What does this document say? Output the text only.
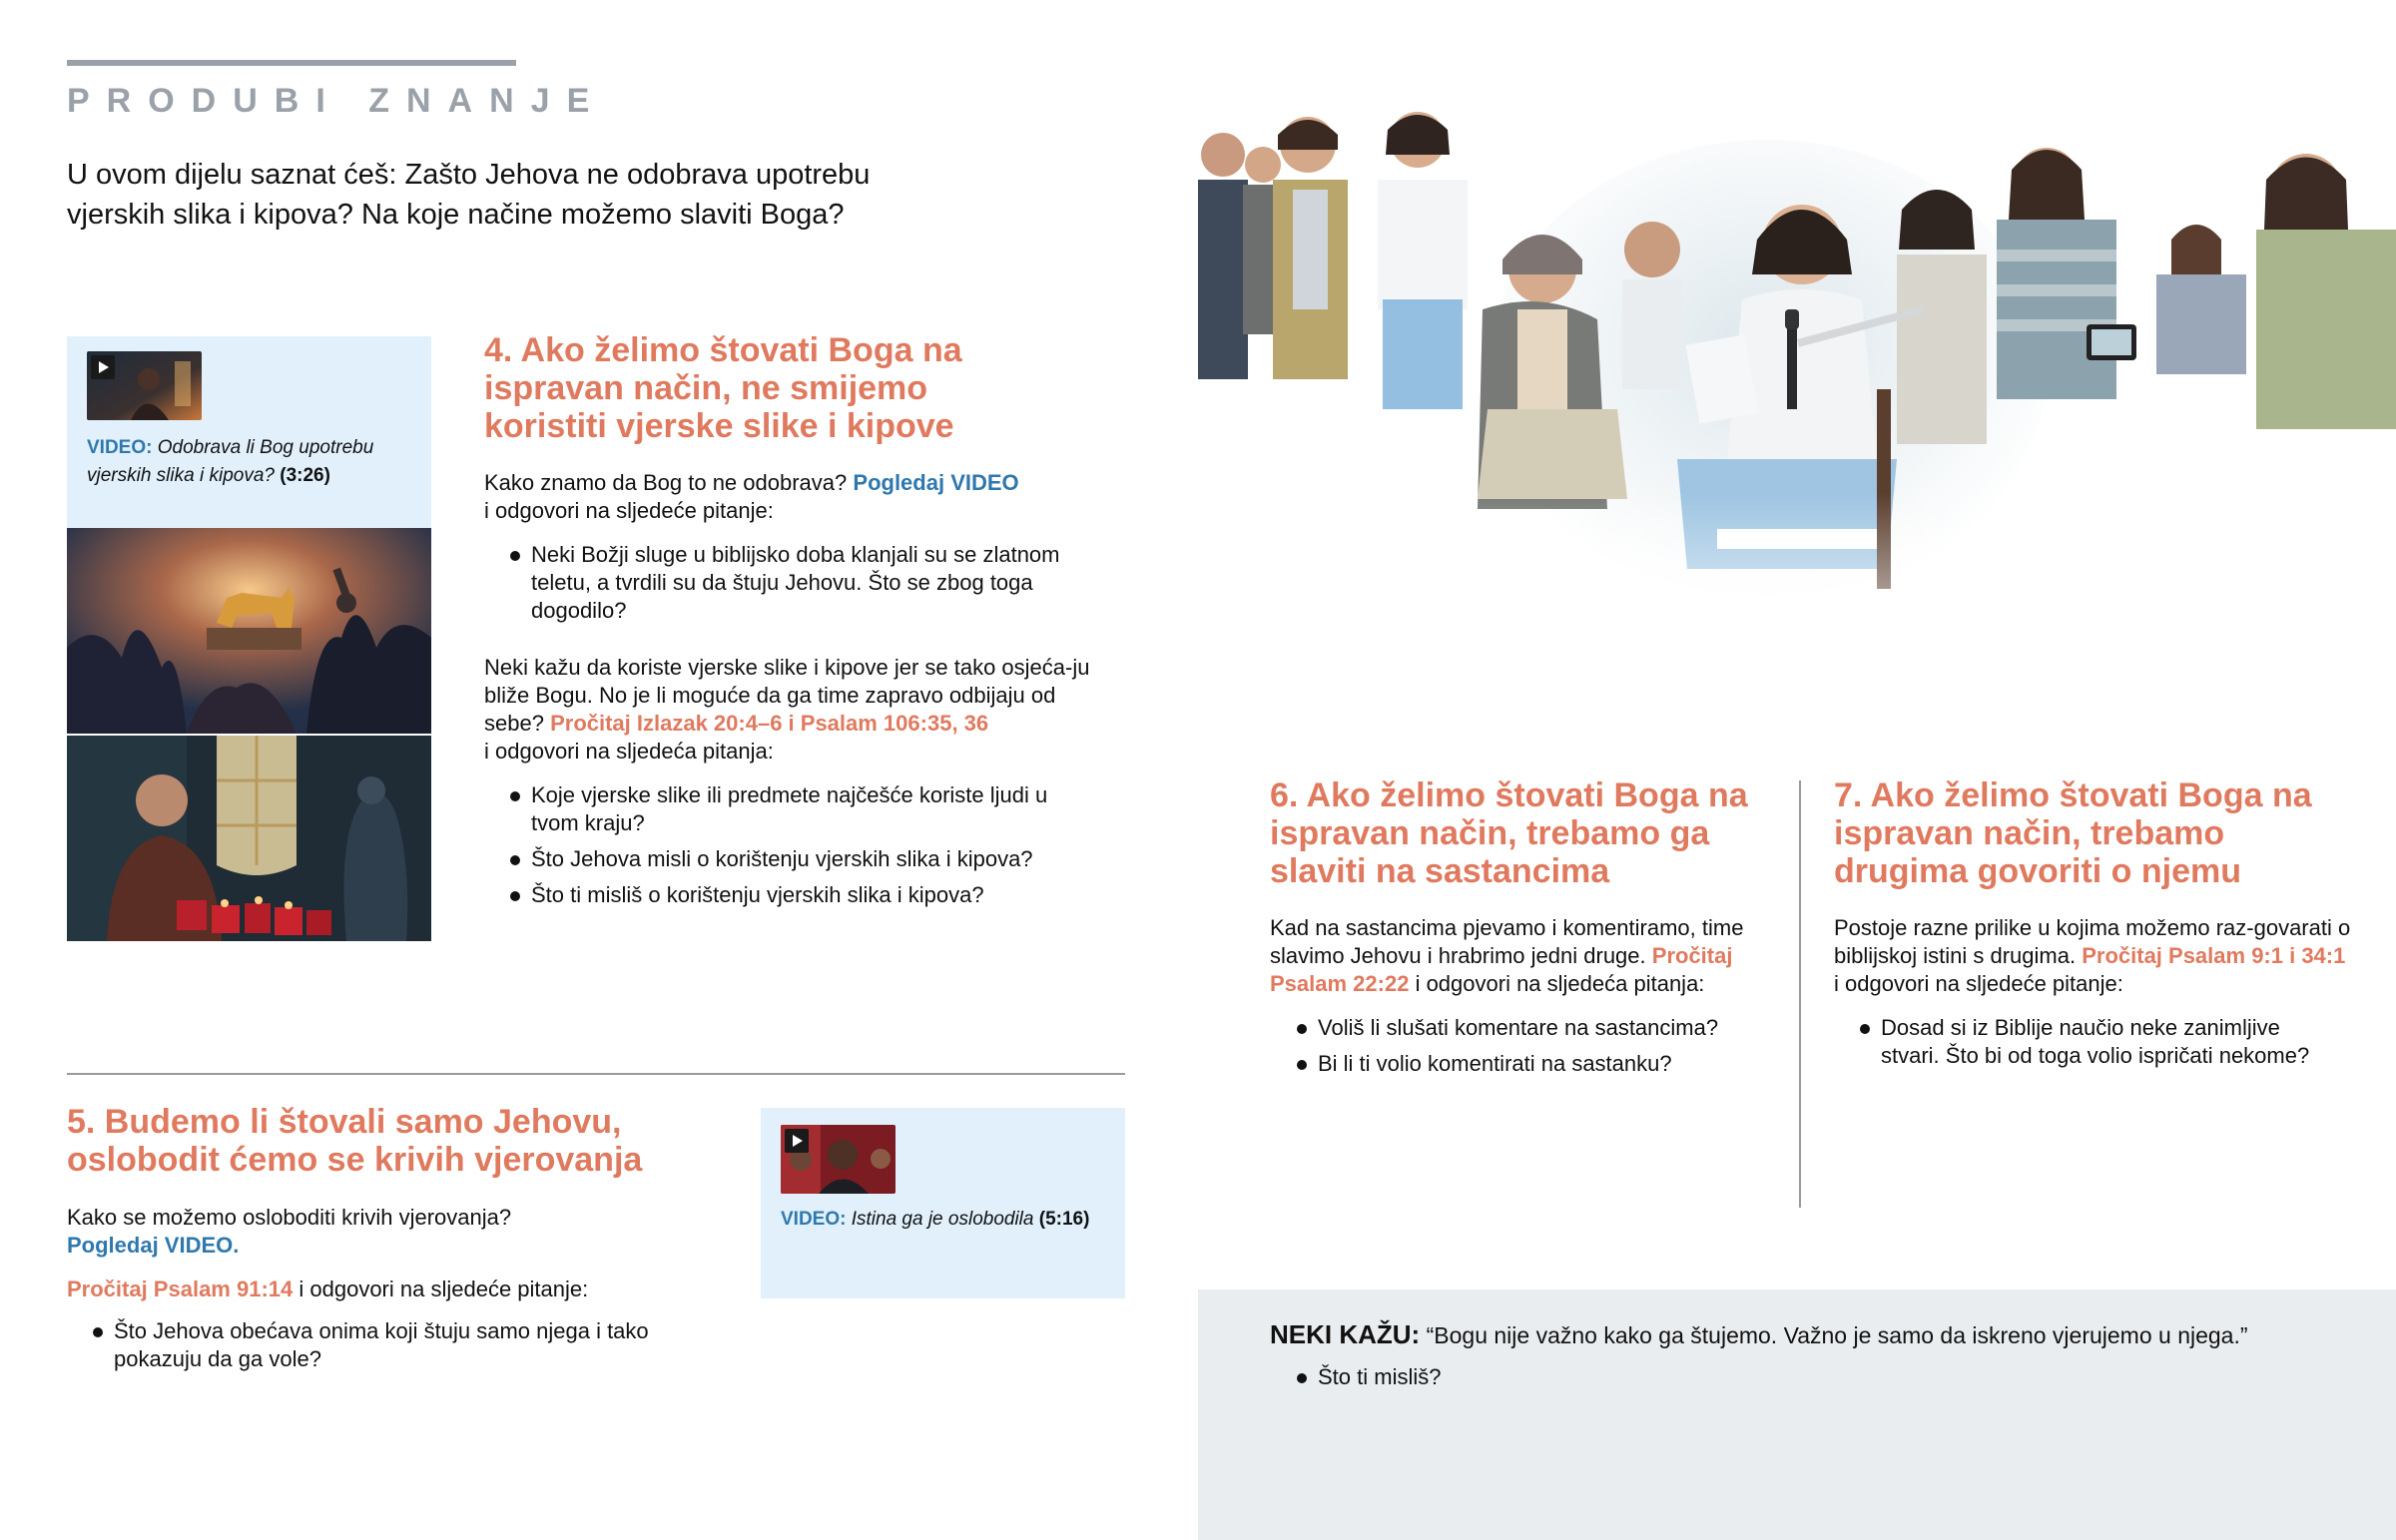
PRODUBI ZNANJE
U ovom dijelu saznat ćeš: Zašto Jehova ne odobrava upotrebu vjerskih slika i kipova? Na koje načine možemo slaviti Boga?
VIDEO: Odobrava li Bog upotrebu vjerskih slika i kipova? (3:26)
4. Ako želimo štovati Boga na ispravan način, ne smijemo koristiti vjerske slike i kipove
Kako znamo da Bog to ne odobrava? Pogledaj VIDEO
i odgovori na sljedeće pitanje:
Neki Božji sluge u biblijsko doba klanjali su se zlatnom teletu, a tvrdili su da štuju Jehovu. Što se zbog toga dogodilo?
Neki kažu da koriste vjerske slike i kipove jer se tako osjeća-ju bliže Bogu. No je li moguće da ga time zapravo odbijaju od sebe? Pročitaj Izlazak 20:4–6 i Psalam 106:35, 36
i odgovori na sljedeća pitanja:
Koje vjerske slike ili predmete najčešće koriste ljudi u tvom kraju?
Što Jehova misli o korištenju vjerskih slika i kipova?
Što ti misliš o korištenju vjerskih slika i kipova?
5. Budemo li štovali samo Jehovu, oslobodit ćemo se krivih vjerovanja
Kako se možemo osloboditi krivih vjerovanja?
Pogledaj VIDEO.
Pročitaj Psalam 91:14 i odgovori na sljedeće pitanje:
Što Jehova obećava onima koji štuju samo njega i tako pokazuju da ga vole?
VIDEO: Istina ga je oslobodila (5:16)
6. Ako želimo štovati Boga na ispravan način, trebamo ga slaviti na sastancima
Kad na sastancima pjevamo i komentiramo, time slavimo Jehovu i hrabrimo jedni druge. Pročitaj Psalam 22:22 i odgovori na sljedeća pitanja:
Voliš li slušati komentare na sastancima?
Bi li ti volio komentirati na sastanku?
7. Ako želimo štovati Boga na ispravan način, trebamo drugima govoriti o njemu
Postoje razne prilike u kojima možemo raz-govarati o biblijskoj istini s drugima. Pročitaj Psalam 9:1 i 34:1 i odgovori na sljedeće pitanje:
Dosad si iz Biblije naučio neke zanimljive stvari. Što bi od toga volio ispričati nekome?
NEKI KAŽU: “Bogu nije važno kako ga štujemo. Važno je samo da iskreno vjerujemo u njega.”
Što ti misliš?
